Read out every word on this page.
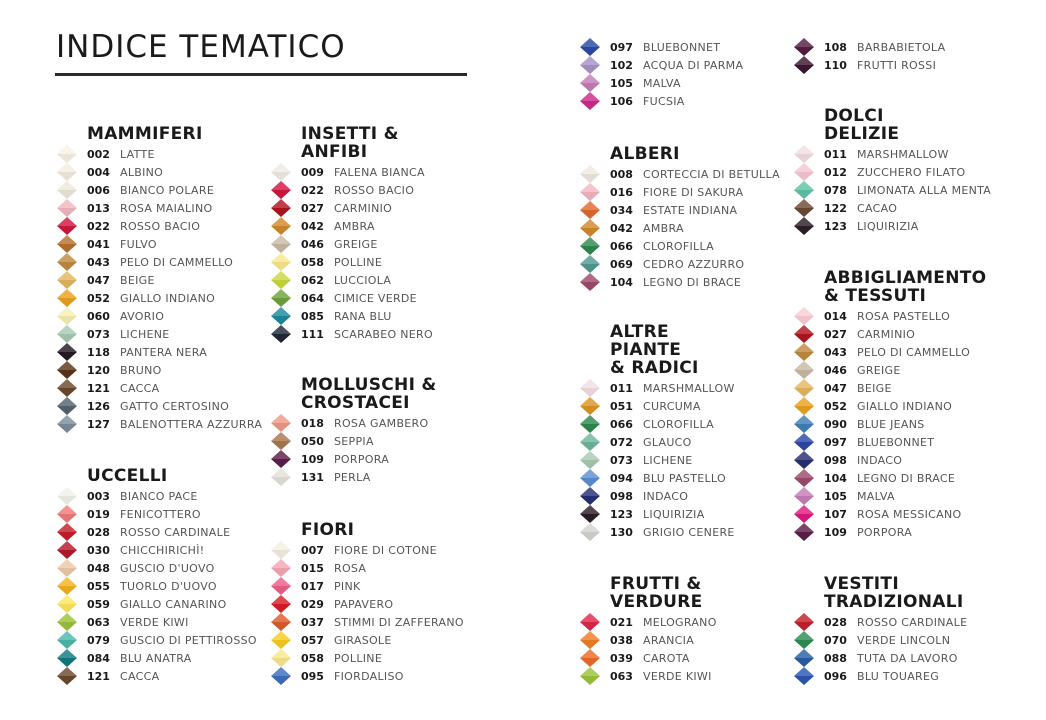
INDICE TEMATICO
MAMMIFERI
002 LATTE
004 ALBINO
006 BIANCO POLARE
013 ROSA MAIALINO
022 ROSSO BACIO
041 FULVO
043 PELO DI CAMMELLO
047 BEIGE
052 GIALLO INDIANO
060 AVORIO
073 LICHENE
118 PANTERA NERA
120 BRUNO
121 CACCA
126 GATTO CERTOSINO
127 BALENOTTERA AZZURRA
UCCELLI
003 BIANCO PACE
019 FENICOTTERO
028 ROSSO CARDINALE
030 CHICCHIRICHÌ!
048 GUSCIO D'UOVO
055 TUORLO D'UOVO
059 GIALLO CANARINO
063 VERDE KIWI
079 GUSCIO DI PETTIROSSO
084 BLU ANATRA
121 CACCA
INSETTI &
ANFIBI
009 FALENA BIANCA
022 ROSSO BACIO
027 CARMINIO
042 AMBRA
046 GREIGE
058 POLLINE
062 LUCCIOLA
064 CIMICE VERDE
085 RANA BLU
111 SCARABEO NERO
MOLLUSCHI &
CROSTACEI
018 ROSA GAMBERO
050 SEPPIA
109 PORPORA
131 PERLA
FIORI
007 FIORE DI COTONE
015 ROSA
017 PINK
029 PAPAVERO
037 STIMMI DI ZAFFERANO
057 GIRASOLE
058 POLLINE
095 FIORDALISO
097 BLUEBONNET
102 ACQUA DI PARMA
105 MALVA
106 FUCSIA
ALBERI
008 CORTECCIA DI BETULLA
016 FIORE DI SAKURA
034 ESTATE INDIANA
042 AMBRA
066 CLOROFILLA
069 CEDRO AZZURRO
104 LEGNO DI BRACE
ALTRE
PIANTE
& RADICI
011 MARSHMALLOW
051 CURCUMA
066 CLOROFILLA
072 GLAUCO
073 LICHENE
094 BLU PASTELLO
098 INDACO
123 LIQUIRIZIA
130 GRIGIO CENERE
FRUTTI &
VERDURE
021 MELOGRANO
038 ARANCIA
039 CAROTA
063 VERDE KIWI
108 BARBABIETOLA
110 FRUTTI ROSSI
DOLCI
DELIZIE
011 MARSHMALLOW
012 ZUCCHERO FILATO
078 LIMONATA ALLA MENTA
122 CACAO
123 LIQUIRIZIA
ABBIGLIAMENTO
& TESSUTI
014 ROSA PASTELLO
027 CARMINIO
043 PELO DI CAMMELLO
046 GREIGE
047 BEIGE
052 GIALLO INDIANO
090 BLUE JEANS
097 BLUEBONNET
098 INDACO
104 LEGNO DI BRACE
105 MALVA
107 ROSA MESSICANO
109 PORPORA
VESTITI
TRADIZIONALI
028 ROSSO CARDINALE
070 VERDE LINCOLN
088 TUTA DA LAVORO
096 BLU TOUAREG
